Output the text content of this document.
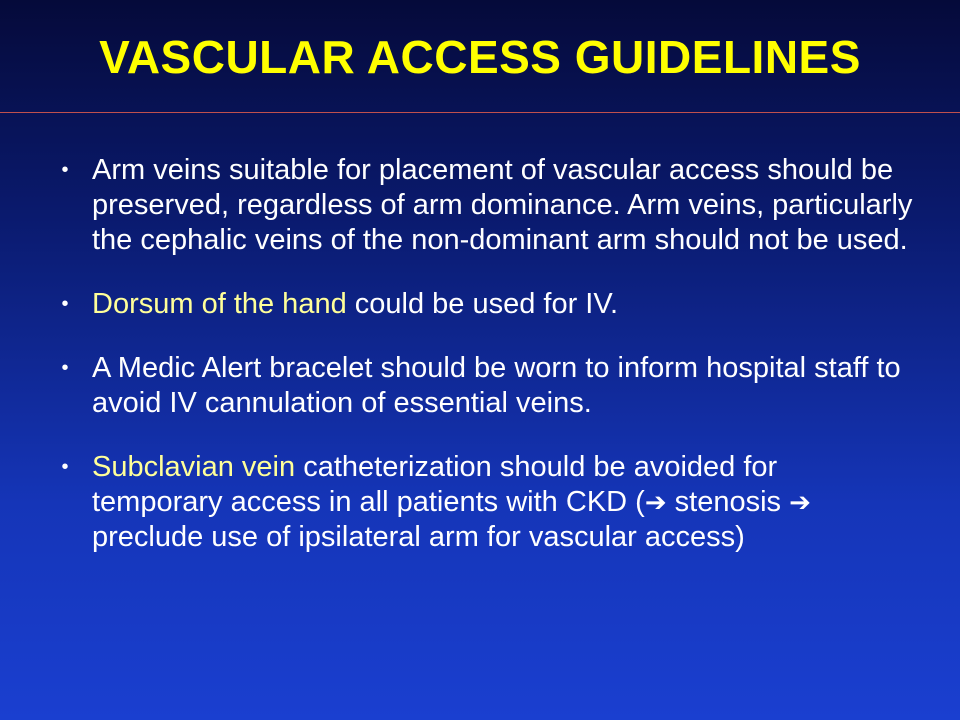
VASCULAR ACCESS GUIDELINES
• Arm veins suitable for placement of vascular access should be preserved, regardless of arm dominance. Arm veins, particularly the cephalic veins of the non-dominant arm should not be used.
• Dorsum of the hand could be used for IV.
• A Medic Alert bracelet should be worn to inform hospital staff to avoid IV cannulation of essential veins.
• Subclavian vein catheterization should be avoided for temporary access in all patients with CKD (➔ stenosis ➔ preclude use of ipsilateral arm for vascular access)
